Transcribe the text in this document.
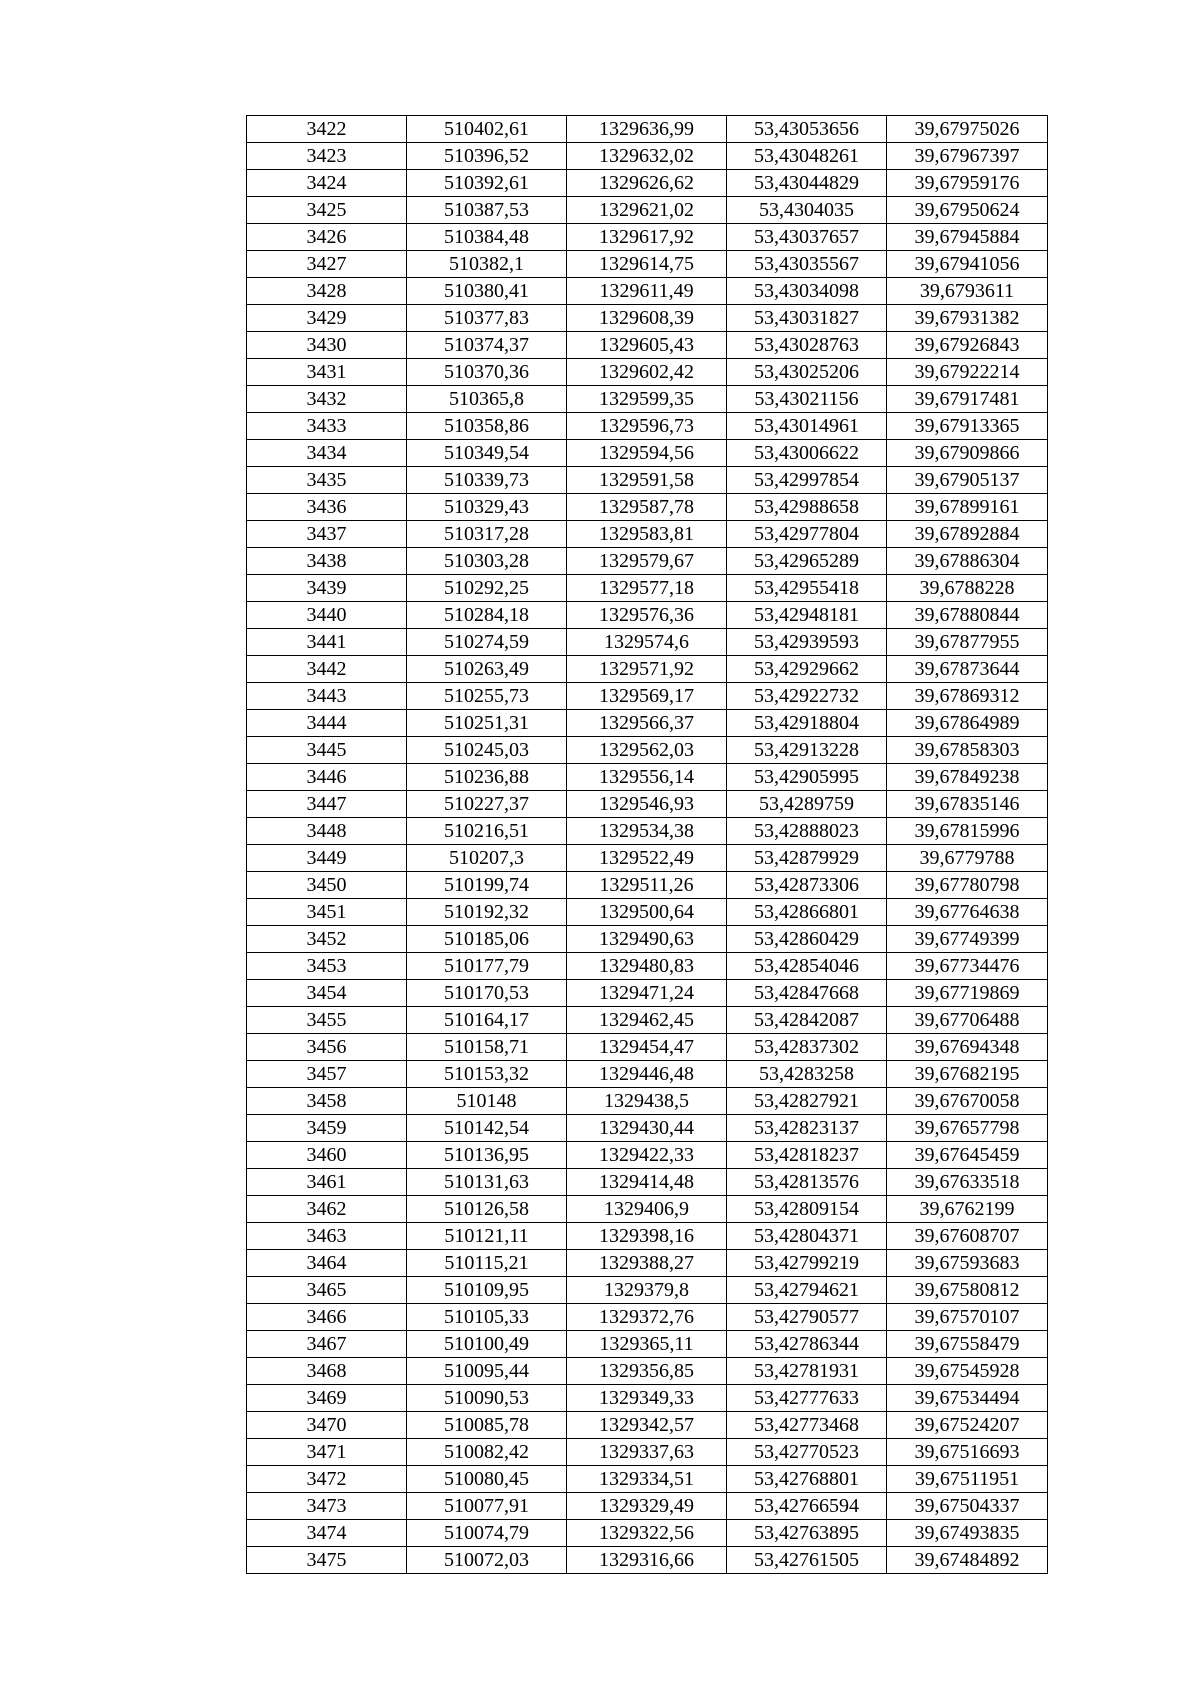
3422	510402,61	1329636,99	53,43053656	39,67975026
3423	510396,52	1329632,02	53,43048261	39,67967397
3424	510392,61	1329626,62	53,43044829	39,67959176
3425	510387,53	1329621,02	53,4304035	39,67950624
3426	510384,48	1329617,92	53,43037657	39,67945884
3427	510382,1	1329614,75	53,43035567	39,67941056
3428	510380,41	1329611,49	53,43034098	39,6793611
3429	510377,83	1329608,39	53,43031827	39,67931382
3430	510374,37	1329605,43	53,43028763	39,67926843
3431	510370,36	1329602,42	53,43025206	39,67922214
3432	510365,8	1329599,35	53,43021156	39,67917481
3433	510358,86	1329596,73	53,43014961	39,67913365
3434	510349,54	1329594,56	53,43006622	39,67909866
3435	510339,73	1329591,58	53,42997854	39,67905137
3436	510329,43	1329587,78	53,42988658	39,67899161
3437	510317,28	1329583,81	53,42977804	39,67892884
3438	510303,28	1329579,67	53,42965289	39,67886304
3439	510292,25	1329577,18	53,42955418	39,6788228
3440	510284,18	1329576,36	53,42948181	39,67880844
3441	510274,59	1329574,6	53,42939593	39,67877955
3442	510263,49	1329571,92	53,42929662	39,67873644
3443	510255,73	1329569,17	53,42922732	39,67869312
3444	510251,31	1329566,37	53,42918804	39,67864989
3445	510245,03	1329562,03	53,42913228	39,67858303
3446	510236,88	1329556,14	53,42905995	39,67849238
3447	510227,37	1329546,93	53,4289759	39,67835146
3448	510216,51	1329534,38	53,42888023	39,67815996
3449	510207,3	1329522,49	53,42879929	39,6779788
3450	510199,74	1329511,26	53,42873306	39,67780798
3451	510192,32	1329500,64	53,42866801	39,67764638
3452	510185,06	1329490,63	53,42860429	39,67749399
3453	510177,79	1329480,83	53,42854046	39,67734476
3454	510170,53	1329471,24	53,42847668	39,67719869
3455	510164,17	1329462,45	53,42842087	39,67706488
3456	510158,71	1329454,47	53,42837302	39,67694348
3457	510153,32	1329446,48	53,4283258	39,67682195
3458	510148	1329438,5	53,42827921	39,67670058
3459	510142,54	1329430,44	53,42823137	39,67657798
3460	510136,95	1329422,33	53,42818237	39,67645459
3461	510131,63	1329414,48	53,42813576	39,67633518
3462	510126,58	1329406,9	53,42809154	39,6762199
3463	510121,11	1329398,16	53,42804371	39,67608707
3464	510115,21	1329388,27	53,42799219	39,67593683
3465	510109,95	1329379,8	53,42794621	39,67580812
3466	510105,33	1329372,76	53,42790577	39,67570107
3467	510100,49	1329365,11	53,42786344	39,67558479
3468	510095,44	1329356,85	53,42781931	39,67545928
3469	510090,53	1329349,33	53,42777633	39,67534494
3470	510085,78	1329342,57	53,42773468	39,67524207
3471	510082,42	1329337,63	53,42770523	39,67516693
3472	510080,45	1329334,51	53,42768801	39,67511951
3473	510077,91	1329329,49	53,42766594	39,67504337
3474	510074,79	1329322,56	53,42763895	39,67493835
3475	510072,03	1329316,66	53,42761505	39,67484892
